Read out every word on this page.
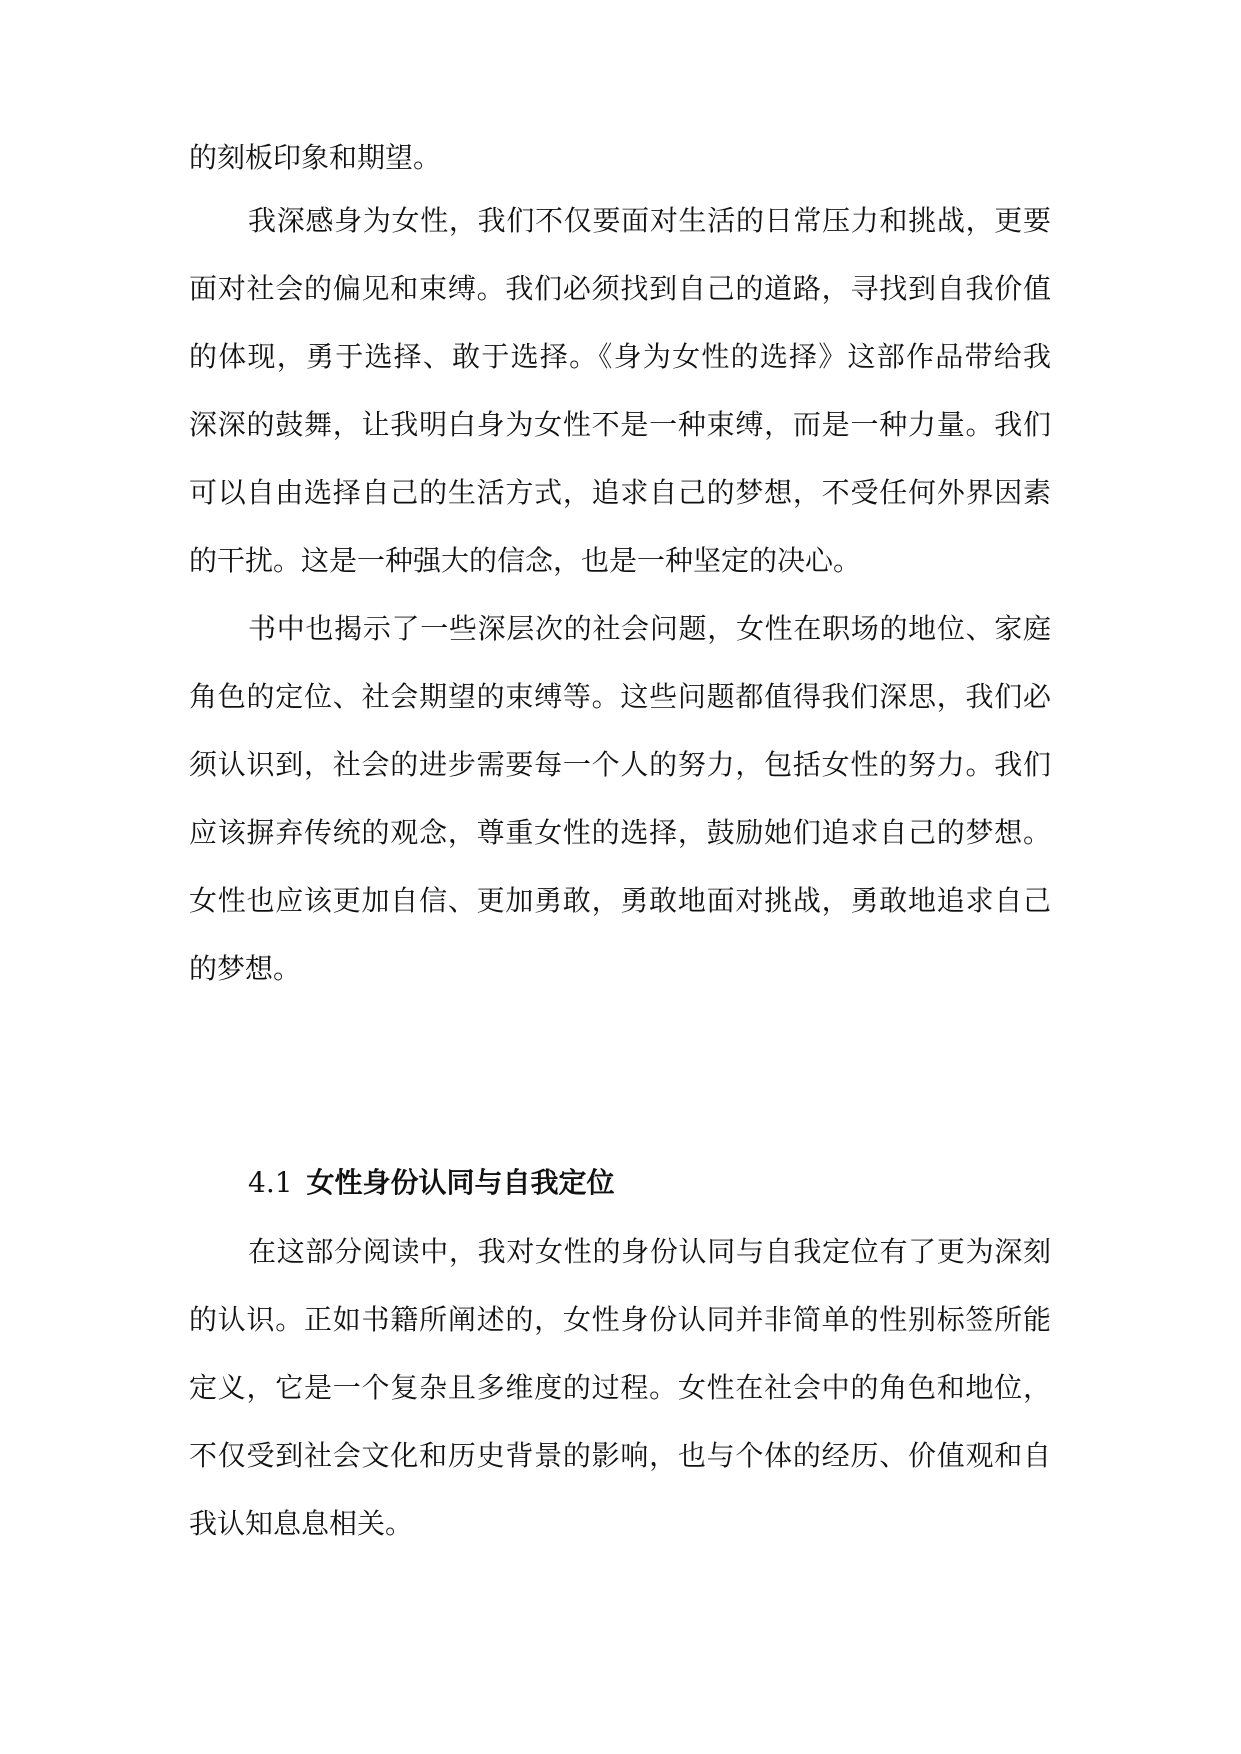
的刻板印象和期望。
我深感身为女性，我们不仅要面对生活的日常压力和挑战，更要
面对社会的偏见和束缚。我们必须找到自己的道路，寻找到自我价值
的体现，勇于选择、敢于选择。《身为女性的选择》这部作品带给我
深深的鼓舞，让我明白身为女性不是一种束缚，而是一种力量。我们
可以自由选择自己的生活方式，追求自己的梦想，不受任何外界因素
的干扰。这是一种强大的信念，也是一种坚定的决心。
书中也揭示了一些深层次的社会问题，女性在职场的地位、家庭
角色的定位、社会期望的束缚等。这些问题都值得我们深思，我们必
须认识到，社会的进步需要每一个人的努力，包括女性的努力。我们
应该摒弃传统的观念，尊重女性的选择，鼓励她们追求自己的梦想。
女性也应该更加自信、更加勇敢，勇敢地面对挑战，勇敢地追求自己
的梦想。
4.1 女性身份认同与自我定位
在这部分阅读中，我对女性的身份认同与自我定位有了更为深刻
的认识。正如书籍所阐述的，女性身份认同并非简单的性别标签所能
定义，它是一个复杂且多维度的过程。女性在社会中的角色和地位，
不仅受到社会文化和历史背景的影响，也与个体的经历、价值观和自
我认知息息相关。
